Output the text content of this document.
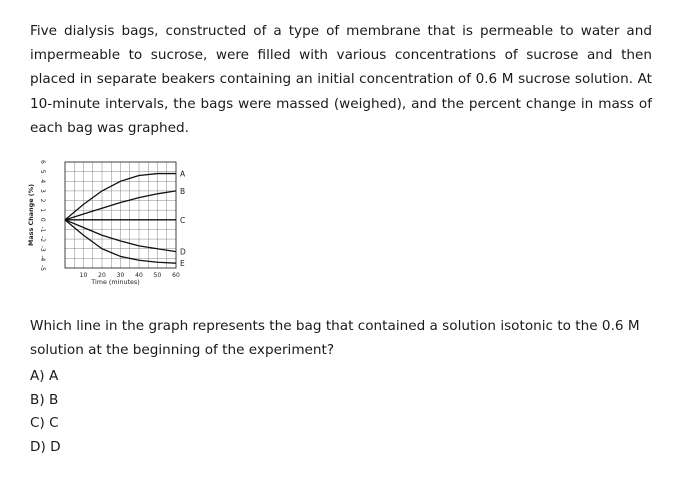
Five dialysis bags, constructed of a type of membrane that is permeable to water and impermeable to sucrose, were filled with various concentrations of sucrose and then placed in separate beakers containing an initial concentration of 0.6 M sucrose solution. At 10-minute intervals, the bags were massed (weighed), and the percent change in mass of each bag was graphed.

6
5
4
3
2
1
0
-1
-2
-3
-4
-5
10 20 30 40 50 60
Time (minutes)
Mass Change (%)
A
B
C
D
E

Which line in the graph represents the bag that contained a solution isotonic to the 0.6 M solution at the beginning of the experiment?

A) A
B) B
C) C
D) D
